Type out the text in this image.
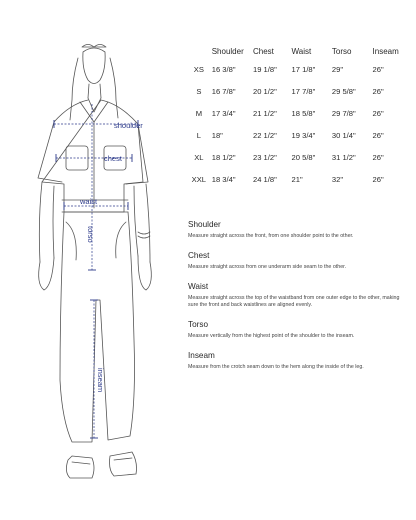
shoulder
chest
waist
torso
inseam
	Shoulder	Chest	Waist	Torso	Inseam
XS	16 3/8"	19 1/8"	17 1/8"	29"	26"
S	16 7/8"	20 1/2"	17 7/8"	29 5/8"	26"
M	17 3/4"	21 1/2"	18 5/8"	29 7/8"	26"
L	18"	22 1/2"	19 3/4"	30 1/4"	26"
XL	18 1/2"	23 1/2"	20 5/8"	31 1/2"	26"
XXL	18 3/4"	24 1/8"	21"	32"	26"
Shoulder
Measure straight across the front, from one shoulder point to the other.
Chest
Measure straight across from one underarm side seam to the other.
Waist
Measure straight across the top of the waistband from one outer edge to the other, making sure the front and back waistlines are aligned evenly.
Torso
Measure vertically from the highest point of the shoulder to the inseam.
Inseam
Measure from the crotch seam down to the hem along the inside of the leg.
